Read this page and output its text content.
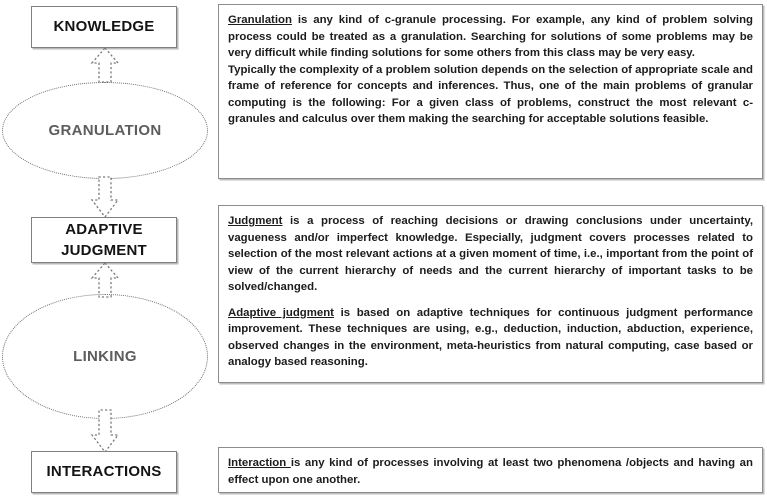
KNOWLEDGE
GRANULATION
ADAPTIVE
JUDGMENT
LINKING
INTERACTIONS

Granulation is any kind of c-granule processing. For example, any kind of problem solving process could be treated as a granulation. Searching for solutions of some problems may be very difficult while finding solutions for some others from this class may be very easy.

Typically the complexity of a problem solution depends on the selection of appropriate scale and frame of reference for concepts and inferences. Thus, one of the main problems of granular computing is the following: For a given class of problems, construct the most relevant c-granules and calculus over them making the searching for acceptable solutions feasible.

Judgment is a process of reaching decisions or drawing conclusions under uncertainty, vagueness and/or imperfect knowledge. Especially, judgment covers processes related to selection of the most relevant actions at a given moment of time, i.e., important from the point of view of the current hierarchy of needs and the current hierarchy of important tasks to be solved/changed.

Adaptive judgment is based on adaptive techniques for continuous judgment performance improvement. These techniques are using, e.g., deduction, induction, abduction, experience, observed changes in the environment, meta-heuristics from natural computing, case based or analogy based reasoning.

Interaction is any kind of processes involving at least two phenomena /objects and having an effect upon one another.
